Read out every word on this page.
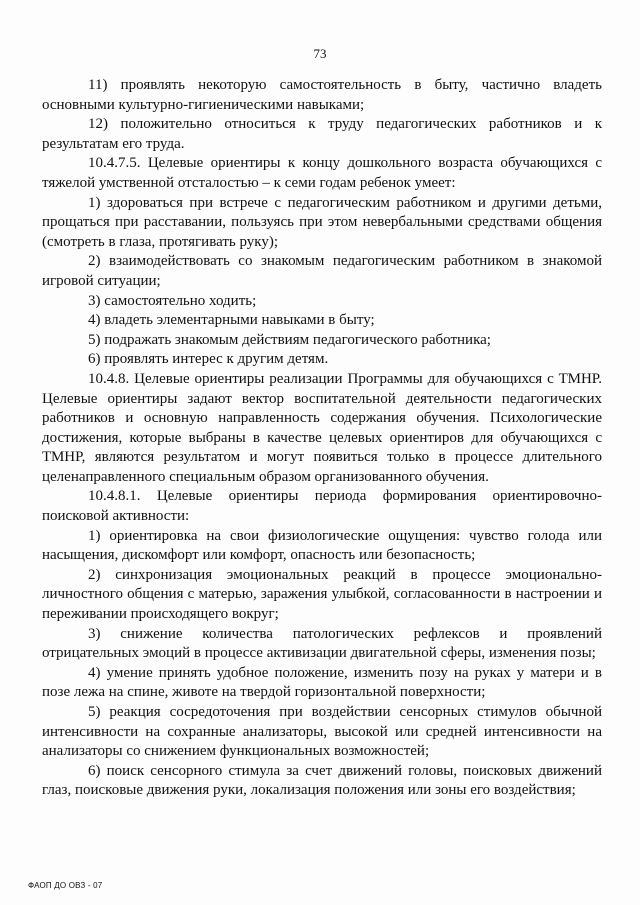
73

11) проявлять некоторую самостоятельность в быту, частично владеть основными культурно-гигиеническими навыками;

12) положительно относиться к труду педагогических работников и к результатам его труда.

10.4.7.5. Целевые ориентиры к концу дошкольного возраста обучающихся с тяжелой умственной отсталостью – к семи годам ребенок умеет:

1) здороваться при встрече с педагогическим работником и другими детьми, прощаться при расставании, пользуясь при этом невербальными средствами общения (смотреть в глаза, протягивать руку);

2) взаимодействовать со знакомым педагогическим работником в знакомой игровой ситуации;

3) самостоятельно ходить;

4) владеть элементарными навыками в быту;

5) подражать знакомым действиям педагогического работника;

6) проявлять интерес к другим детям.

10.4.8. Целевые ориентиры реализации Программы для обучающихся с ТМНР. Целевые ориентиры задают вектор воспитательной деятельности педагогических работников и основную направленность содержания обучения. Психологические достижения, которые выбраны в качестве целевых ориентиров для обучающихся с ТМНР, являются результатом и могут появиться только в процессе длительного целенаправленного специальным образом организованного обучения.

10.4.8.1. Целевые ориентиры периода формирования ориентировочно-поисковой активности:

1) ориентировка на свои физиологические ощущения: чувство голода или насыщения, дискомфорт или комфорт, опасность или безопасность;

2) синхронизация эмоциональных реакций в процессе эмоционально-личностного общения с матерью, заражения улыбкой, согласованности в настроении и переживании происходящего вокруг;

3) снижение количества патологических рефлексов и проявлений отрицательных эмоций в процессе активизации двигательной сферы, изменения позы;

4) умение принять удобное положение, изменить позу на руках у матери и в позе лежа на спине, животе на твердой горизонтальной поверхности;

5) реакция сосредоточения при воздействии сенсорных стимулов обычной интенсивности на сохранные анализаторы, высокой или средней интенсивности на анализаторы со снижением функциональных возможностей;

6) поиск сенсорного стимула за счет движений головы, поисковых движений глаз, поисковые движения руки, локализация положения или зоны его воздействия;

ФАОП ДО ОВЗ - 07
